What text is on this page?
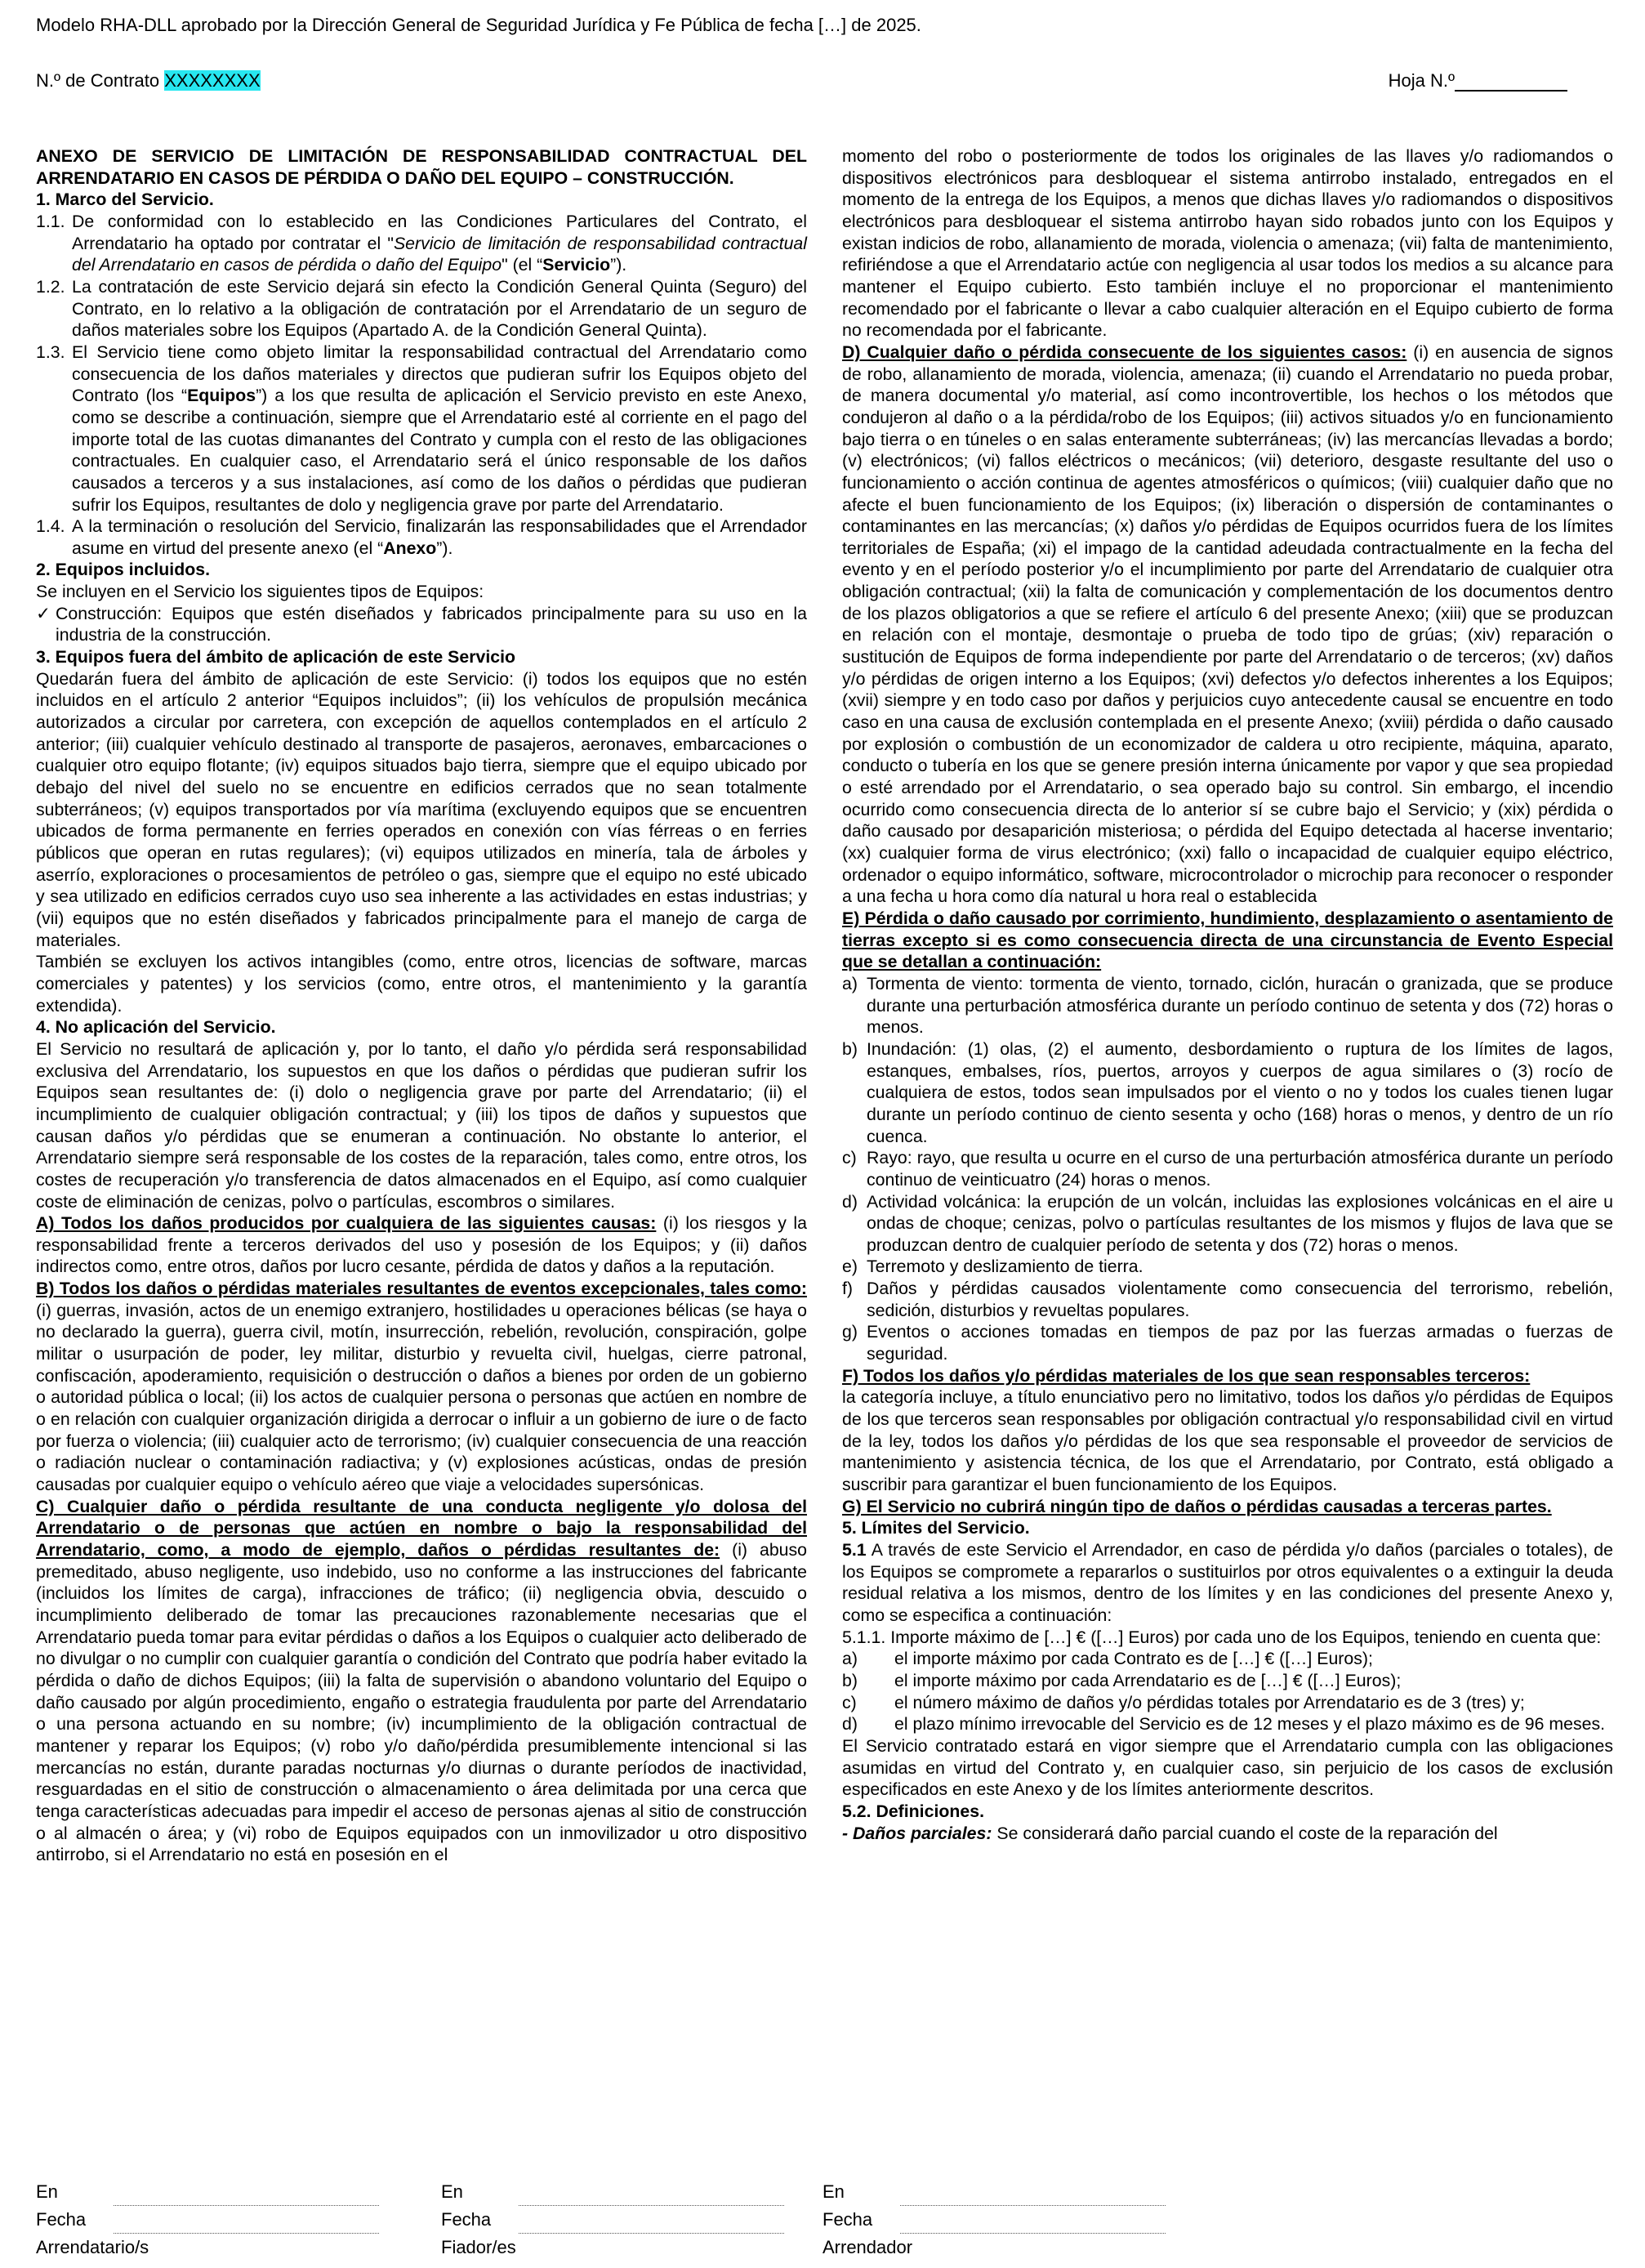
Modelo RHA-DLL aprobado por la Dirección General de Seguridad Jurídica y Fe Pública de fecha […] de 2025.
N.º de Contrato XXXXXXXX	Hoja N.º

ANEXO DE SERVICIO DE LIMITACIÓN DE RESPONSABILIDAD CONTRACTUAL DEL ARRENDATARIO EN CASOS DE PÉRDIDA O DAÑO DEL EQUIPO – CONSTRUCCIÓN.

1. Marco del Servicio.

1.1. De conformidad con lo establecido en las Condiciones Particulares del Contrato, el Arrendatario ha optado por contratar el "Servicio de limitación de responsabilidad contractual del Arrendatario en casos de pérdida o daño del Equipo" (el “Servicio”).
1.2. La contratación de este Servicio dejará sin efecto la Condición General Quinta (Seguro) del Contrato, en lo relativo a la obligación de contratación por el Arrendatario de un seguro de daños materiales sobre los Equipos (Apartado A. de la Condición General Quinta).
1.3. El Servicio tiene como objeto limitar la responsabilidad contractual del Arrendatario como consecuencia de los daños materiales y directos que pudieran sufrir los Equipos objeto del Contrato (los “Equipos”) a los que resulta de aplicación el Servicio previsto en este Anexo, como se describe a continuación, siempre que el Arrendatario esté al corriente en el pago del importe total de las cuotas dimanantes del Contrato y cumpla con el resto de las obligaciones contractuales. En cualquier caso, el Arrendatario será el único responsable de los daños causados a terceros y a sus instalaciones, así como de los daños o pérdidas que pudieran sufrir los Equipos, resultantes de dolo y negligencia grave por parte del Arrendatario.
1.4. A la terminación o resolución del Servicio, finalizarán las responsabilidades que el Arrendador asume en virtud del presente anexo (el “Anexo”).

2. Equipos incluidos.

Se incluyen en el Servicio los siguientes tipos de Equipos:

✓ Construcción: Equipos que estén diseñados y fabricados principalmente para su uso en la industria de la construcción.

3. Equipos fuera del ámbito de aplicación de este Servicio

Quedarán fuera del ámbito de aplicación de este Servicio: (i) todos los equipos que no estén incluidos en el artículo 2 anterior “Equipos incluidos”; (ii) los vehículos de propulsión mecánica autorizados a circular por carretera, con excepción de aquellos contemplados en el artículo 2 anterior; (iii) cualquier vehículo destinado al transporte de pasajeros, aeronaves, embarcaciones o cualquier otro equipo flotante; (iv) equipos situados bajo tierra, siempre que el equipo ubicado por debajo del nivel del suelo no se encuentre en edificios cerrados que no sean totalmente subterráneos; (v) equipos transportados por vía marítima (excluyendo equipos que se encuentren ubicados de forma permanente en ferries operados en conexión con vías férreas o en ferries públicos que operan en rutas regulares); (vi) equipos utilizados en minería, tala de árboles y aserrío, exploraciones o procesamientos de petróleo o gas, siempre que el equipo no esté ubicado y sea utilizado en edificios cerrados cuyo uso sea inherente a las actividades en estas industrias; y (vii) equipos que no estén diseñados y fabricados principalmente para el manejo de carga de materiales.

También se excluyen los activos intangibles (como, entre otros, licencias de software, marcas comerciales y patentes) y los servicios (como, entre otros, el mantenimiento y la garantía extendida).

4. No aplicación del Servicio.

El Servicio no resultará de aplicación y, por lo tanto, el daño y/o pérdida será responsabilidad exclusiva del Arrendatario, los supuestos en que los daños o pérdidas que pudieran sufrir los Equipos sean resultantes de: (i) dolo o negligencia grave por parte del Arrendatario; (ii) el incumplimiento de cualquier obligación contractual; y (iii) los tipos de daños y supuestos que causan daños y/o pérdidas que se enumeran a continuación. No obstante lo anterior, el Arrendatario siempre será responsable de los costes de la reparación, tales como, entre otros, los costes de recuperación y/o transferencia de datos almacenados en el Equipo, así como cualquier coste de eliminación de cenizas, polvo o partículas, escombros o similares.

A) Todos los daños producidos por cualquiera de las siguientes causas: (i) los riesgos y la responsabilidad frente a terceros derivados del uso y posesión de los Equipos; y (ii) daños indirectos como, entre otros, daños por lucro cesante, pérdida de datos y daños a la reputación.

B) Todos los daños o pérdidas materiales resultantes de eventos excepcionales, tales como: (i) guerras, invasión, actos de un enemigo extranjero, hostilidades u operaciones bélicas (se haya o no declarado la guerra), guerra civil, motín, insurrección, rebelión, revolución, conspiración, golpe militar o usurpación de poder, ley militar, disturbio y revuelta civil, huelgas, cierre patronal, confiscación, apoderamiento, requisición o destrucción o daños a bienes por orden de un gobierno o autoridad pública o local; (ii) los actos de cualquier persona o personas que actúen en nombre de o en relación con cualquier organización dirigida a derrocar o influir a un gobierno de iure o de facto por fuerza o violencia; (iii) cualquier acto de terrorismo; (iv) cualquier consecuencia de una reacción o radiación nuclear o contaminación radiactiva; y (v) explosiones acústicas, ondas de presión causadas por cualquier equipo o vehículo aéreo que viaje a velocidades supersónicas.

C) Cualquier daño o pérdida resultante de una conducta negligente y/o dolosa del Arrendatario o de personas que actúen en nombre o bajo la responsabilidad del Arrendatario, como, a modo de ejemplo, daños o pérdidas resultantes de: (i) abuso premeditado, abuso negligente, uso indebido, uso no conforme a las instrucciones del fabricante (incluidos los límites de carga), infracciones de tráfico; (ii) negligencia obvia, descuido o incumplimiento deliberado de tomar las precauciones razonablemente necesarias que el Arrendatario pueda tomar para evitar pérdidas o daños a los Equipos o cualquier acto deliberado de no divulgar o no cumplir con cualquier garantía o condición del Contrato que podría haber evitado la pérdida o daño de dichos Equipos; (iii) la falta de supervisión o abandono voluntario del Equipo o daño causado por algún procedimiento, engaño o estrategia fraudulenta por parte del Arrendatario o una persona actuando en su nombre; (iv) incumplimiento de la obligación contractual de mantener y reparar los Equipos; (v) robo y/o daño/pérdida presumiblemente intencional si las mercancías no están, durante paradas nocturnas y/o diurnas o durante períodos de inactividad, resguardadas en el sitio de construcción o almacenamiento o área delimitada por una cerca que tenga características adecuadas para impedir el acceso de personas ajenas al sitio de construcción o al almacén o área; y (vi) robo de Equipos equipados con un inmovilizador u otro dispositivo antirrobo, si el Arrendatario no está en posesión en el

momento del robo o posteriormente de todos los originales de las llaves y/o radiomandos o dispositivos electrónicos para desbloquear el sistema antirrobo instalado, entregados en el momento de la entrega de los Equipos, a menos que dichas llaves y/o radiomandos o dispositivos electrónicos para desbloquear el sistema antirrobo hayan sido robados junto con los Equipos y existan indicios de robo, allanamiento de morada, violencia o amenaza; (vii) falta de mantenimiento, refiriéndose a que el Arrendatario actúe con negligencia al usar todos los medios a su alcance para mantener el Equipo cubierto. Esto también incluye el no proporcionar el mantenimiento recomendado por el fabricante o llevar a cabo cualquier alteración en el Equipo cubierto de forma no recomendada por el fabricante.

D) Cualquier daño o pérdida consecuente de los siguientes casos: (i) en ausencia de signos de robo, allanamiento de morada, violencia, amenaza; (ii) cuando el Arrendatario no pueda probar, de manera documental y/o material, así como incontrovertible, los hechos o los métodos que condujeron al daño o a la pérdida/robo de los Equipos; (iii) activos situados y/o en funcionamiento bajo tierra o en túneles o en salas enteramente subterráneas; (iv) las mercancías llevadas a bordo; (v) electrónicos; (vi) fallos eléctricos o mecánicos; (vii) deterioro, desgaste resultante del uso o funcionamiento o acción continua de agentes atmosféricos o químicos; (viii) cualquier daño que no afecte el buen funcionamiento de los Equipos; (ix) liberación o dispersión de contaminantes o contaminantes en las mercancías; (x) daños y/o pérdidas de Equipos ocurridos fuera de los límites territoriales de España; (xi) el impago de la cantidad adeudada contractualmente en la fecha del evento y en el período posterior y/o el incumplimiento por parte del Arrendatario de cualquier otra obligación contractual; (xii) la falta de comunicación y complementación de los documentos dentro de los plazos obligatorios a que se refiere el artículo 6 del presente Anexo; (xiii) que se produzcan en relación con el montaje, desmontaje o prueba de todo tipo de grúas; (xiv) reparación o sustitución de Equipos de forma independiente por parte del Arrendatario o de terceros; (xv) daños y/o pérdidas de origen interno a los Equipos; (xvi) defectos y/o defectos inherentes a los Equipos; (xvii) siempre y en todo caso por daños y perjuicios cuyo antecedente causal se encuentre en todo caso en una causa de exclusión contemplada en el presente Anexo; (xviii) pérdida o daño causado por explosión o combustión de un economizador de caldera u otro recipiente, máquina, aparato, conducto o tubería en los que se genere presión interna únicamente por vapor y que sea propiedad o esté arrendado por el Arrendatario, o sea operado bajo su control. Sin embargo, el incendio ocurrido como consecuencia directa de lo anterior sí se cubre bajo el Servicio; y (xix) pérdida o daño causado por desaparición misteriosa; o pérdida del Equipo detectada al hacerse inventario; (xx) cualquier forma de virus electrónico; (xxi) fallo o incapacidad de cualquier equipo eléctrico, ordenador o equipo informático, software, microcontrolador o microchip para reconocer o responder a una fecha u hora como día natural u hora real o establecida

E) Pérdida o daño causado por corrimiento, hundimiento, desplazamiento o asentamiento de tierras excepto si es como consecuencia directa de una circunstancia de Evento Especial que se detallan a continuación:

a) Tormenta de viento: tormenta de viento, tornado, ciclón, huracán o granizada, que se produce durante una perturbación atmosférica durante un período continuo de setenta y dos (72) horas o menos.
b) Inundación: (1) olas, (2) el aumento, desbordamiento o ruptura de los límites de lagos, estanques, embalses, ríos, puertos, arroyos y cuerpos de agua similares o (3) rocío de cualquiera de estos, todos sean impulsados por el viento o no y todos los cuales tienen lugar durante un período continuo de ciento sesenta y ocho (168) horas o menos, y dentro de un río cuenca.
c) Rayo: rayo, que resulta u ocurre en el curso de una perturbación atmosférica durante un período continuo de veinticuatro (24) horas o menos.
d) Actividad volcánica: la erupción de un volcán, incluidas las explosiones volcánicas en el aire u ondas de choque; cenizas, polvo o partículas resultantes de los mismos y flujos de lava que se produzcan dentro de cualquier período de setenta y dos (72) horas o menos.
e) Terremoto y deslizamiento de tierra.
f) Daños y pérdidas causados violentamente como consecuencia del terrorismo, rebelión, sedición, disturbios y revueltas populares.
g) Eventos o acciones tomadas en tiempos de paz por las fuerzas armadas o fuerzas de seguridad.

F) Todos los daños y/o pérdidas materiales de los que sean responsables terceros:

la categoría incluye, a título enunciativo pero no limitativo, todos los daños y/o pérdidas de Equipos de los que terceros sean responsables por obligación contractual y/o responsabilidad civil en virtud de la ley, todos los daños y/o pérdidas de los que sea responsable el proveedor de servicios de mantenimiento y asistencia técnica, de los que el Arrendatario, por Contrato, está obligado a suscribir para garantizar el buen funcionamiento de los Equipos.

G) El Servicio no cubrirá ningún tipo de daños o pérdidas causadas a terceras partes.

5. Límites del Servicio.

5.1 A través de este Servicio el Arrendador, en caso de pérdida y/o daños (parciales o totales), de los Equipos se compromete a repararlos o sustituirlos por otros equivalentes o a extinguir la deuda residual relativa a los mismos, dentro de los límites y en las condiciones del presente Anexo y, como se especifica a continuación:

5.1.1. Importe máximo de […] € ([…] Euros) por cada uno de los Equipos, teniendo en cuenta que:

a)	el importe máximo por cada Contrato es de […] € ([…] Euros);
b)	el importe máximo por cada Arrendatario es de […] € ([…] Euros);
c)	el número máximo de daños y/o pérdidas totales por Arrendatario es de 3 (tres) y;
d)	el plazo mínimo irrevocable del Servicio es de 12 meses y el plazo máximo es de 96 meses.

El Servicio contratado estará en vigor siempre que el Arrendatario cumpla con las obligaciones asumidas en virtud del Contrato y, en cualquier caso, sin perjuicio de los casos de exclusión especificados en este Anexo y de los límites anteriormente descritos.

5.2. Definiciones.

- Daños parciales: Se considerará daño parcial cuando el coste de la reparación del

En
Fecha
Arrendatario/s
En
Fecha
Fiador/es
En
Fecha
Arrendador
